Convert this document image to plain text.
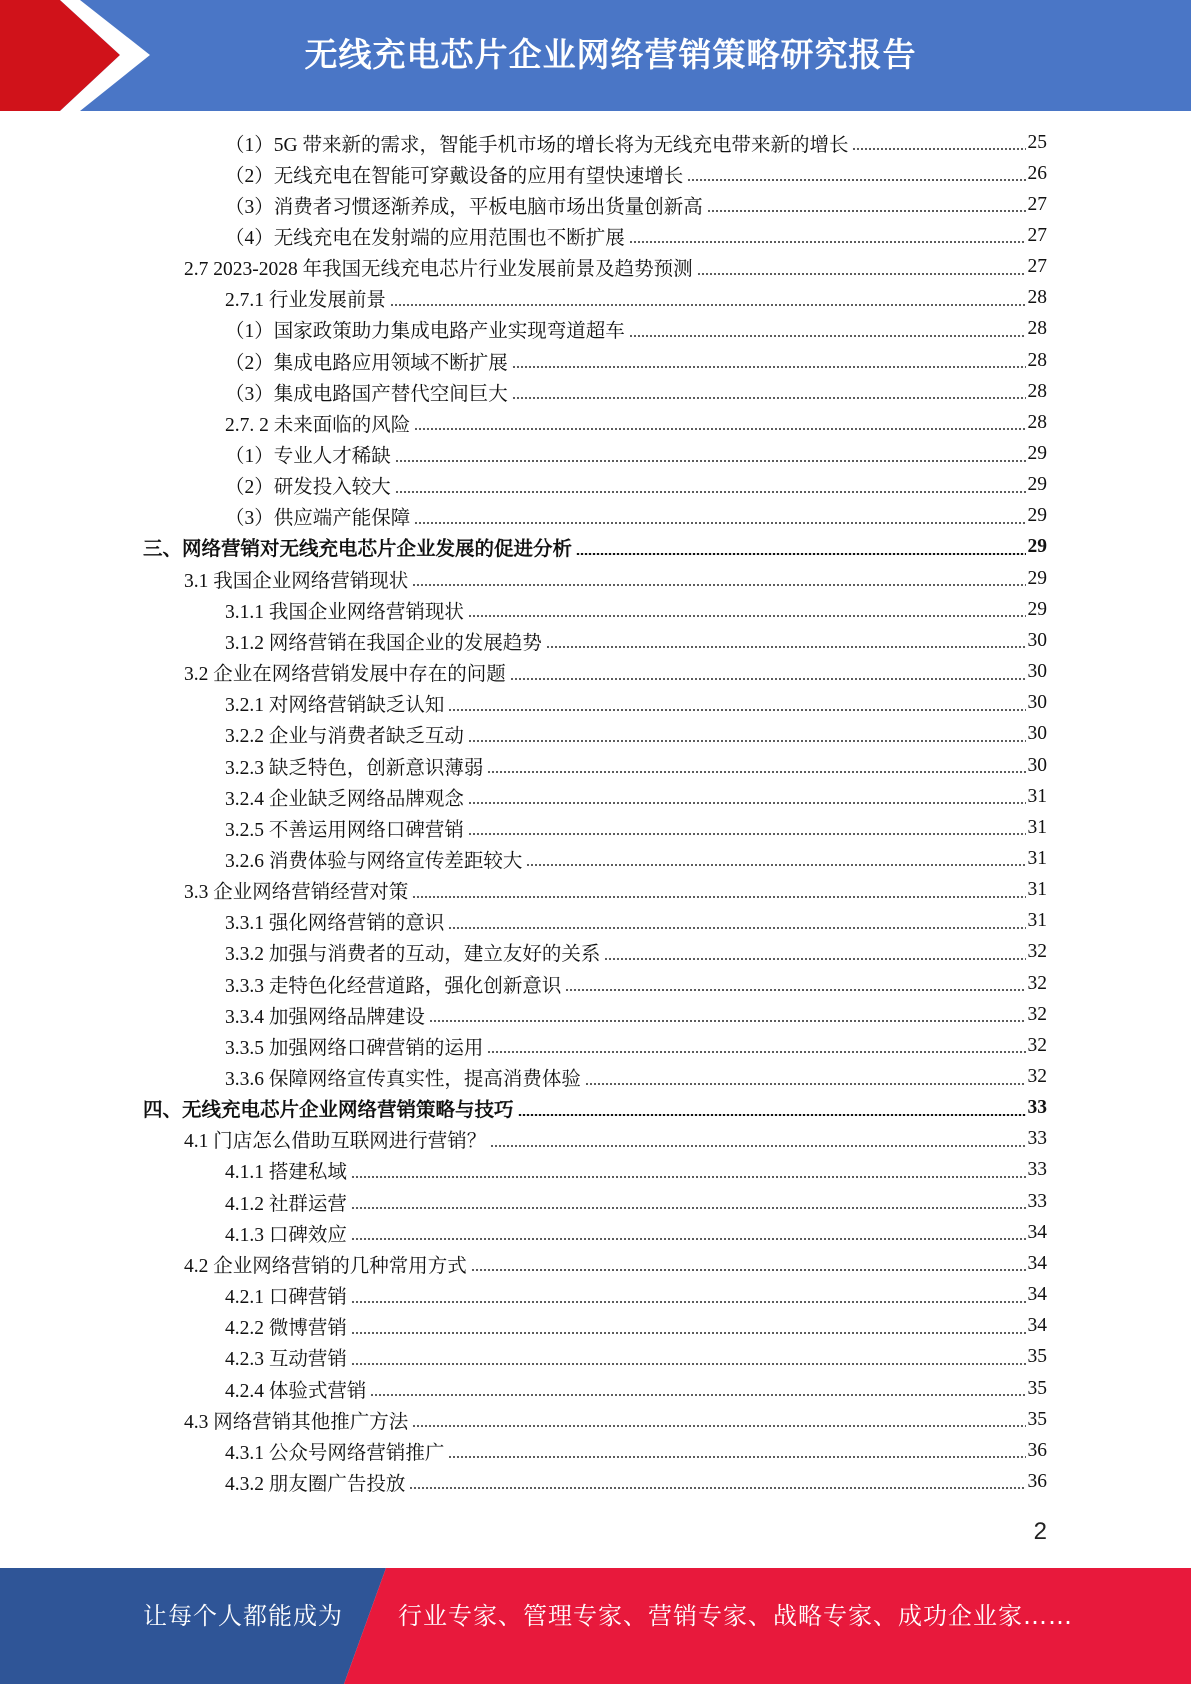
无线充电芯片企业网络营销策略研究报告
（1）5G 带来新的需求，智能手机市场的增长将为无线充电带来新的增长	25
（2）无线充电在智能可穿戴设备的应用有望快速增长	26
（3）消费者习惯逐渐养成，平板电脑市场出货量创新高	27
（4）无线充电在发射端的应用范围也不断扩展	27
2.7 2023-2028 年我国无线充电芯片行业发展前景及趋势预测	27
2.7.1 行业发展前景	28
（1）国家政策助力集成电路产业实现弯道超车	28
（2）集成电路应用领域不断扩展	28
（3）集成电路国产替代空间巨大	28
2.7. 2 未来面临的风险	28
（1）专业人才稀缺	29
（2）研发投入较大	29
（3）供应端产能保障	29
三、网络营销对无线充电芯片企业发展的促进分析	29
3.1 我国企业网络营销现状	29
3.1.1 我国企业网络营销现状	29
3.1.2 网络营销在我国企业的发展趋势	30
3.2 企业在网络营销发展中存在的问题	30
3.2.1 对网络营销缺乏认知	30
3.2.2 企业与消费者缺乏互动	30
3.2.3 缺乏特色，创新意识薄弱	30
3.2.4 企业缺乏网络品牌观念	31
3.2.5 不善运用网络口碑营销	31
3.2.6 消费体验与网络宣传差距较大	31
3.3 企业网络营销经营对策	31
3.3.1 强化网络营销的意识	31
3.3.2 加强与消费者的互动，建立友好的关系	32
3.3.3 走特色化经营道路，强化创新意识	32
3.3.4 加强网络品牌建设	32
3.3.5 加强网络口碑营销的运用	32
3.3.6 保障网络宣传真实性，提高消费体验	32
四、无线充电芯片企业网络营销策略与技巧	33
4.1 门店怎么借助互联网进行营销？	33
4.1.1 搭建私域	33
4.1.2 社群运营	33
4.1.3 口碑效应	34
4.2 企业网络营销的几种常用方式	34
4.2.1 口碑营销	34
4.2.2 微博营销	34
4.2.3 互动营销	35
4.2.4 体验式营销	35
4.3 网络营销其他推广方法	35
4.3.1 公众号网络营销推广	36
4.3.2 朋友圈广告投放	36
2
让每个人都能成为 行业专家、管理专家、营销专家、战略专家、成功企业家……
